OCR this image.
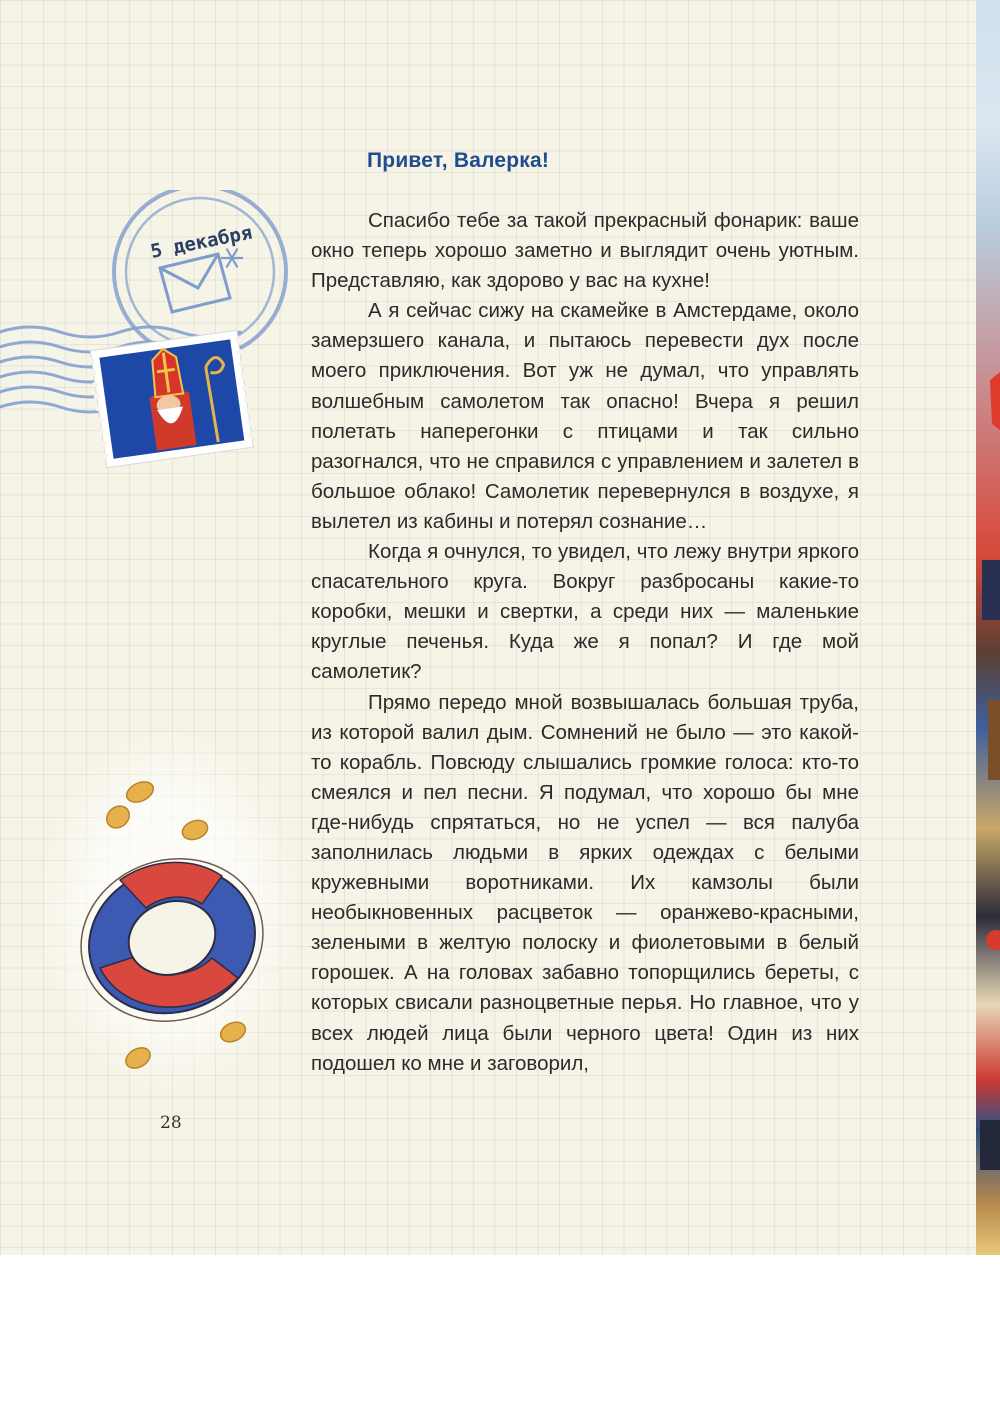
5 декабря
Привет, Валерка!

Спасибо тебе за такой прекрасный фонарик: ваше окно теперь хорошо заметно и выглядит очень уютным. Представляю, как здорово у вас на кухне!

А я сейчас сижу на скамейке в Амстердаме, около замерзшего канала, и пытаюсь перевести дух после моего приключения. Вот уж не думал, что управлять волшебным самолетом так опасно! Вчера я решил полетать наперегонки с птицами и так сильно разогнался, что не справился с управлением и залетел в большое облако! Самолетик перевернулся в воздухе, я вылетел из кабины и потерял сознание…

Когда я очнулся, то увидел, что лежу внутри яркого спасательного круга. Вокруг разбросаны какие-то коробки, мешки и свертки, а среди них — маленькие круглые печенья. Куда же я попал? И где мой самолетик?

Прямо передо мной возвышалась большая труба, из которой валил дым. Сомнений не было — это какой-то корабль. Повсюду слышались громкие голоса: кто-то смеялся и пел песни. Я подумал, что хорошо бы мне где-нибудь спрятаться, но не успел — вся палуба заполнилась людьми в ярких одеждах с белыми кружевными воротниками. Их камзолы были необыкновенных расцветок — оранжево-красными, зелеными в желтую полоску и фиолетовыми в белый горошек. А на головах забавно топорщились береты, с которых свисали разноцветные перья. Но главное, что у всех людей лица были черного цвета! Один из них подошел ко мне и заговорил,

28
